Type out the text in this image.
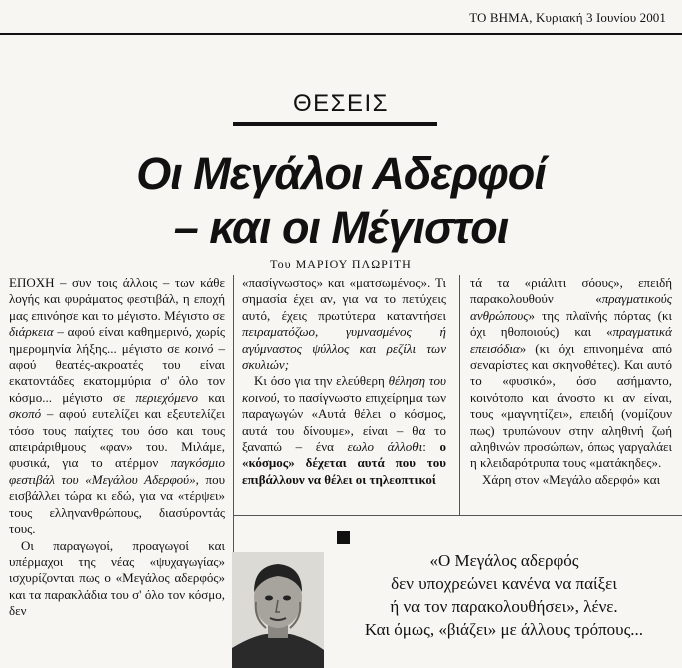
ΤΟ ΒΗΜΑ, Κυριακή 3 Ιουνίου 2001
ΘΕΣΕΙΣ
Οι Μεγάλοι Αδερφοί
– και οι Μέγιστοι
Του ΜΑΡΙΟΥ ΠΛΩΡΙΤΗ

ΕΠΟΧΗ – συν τοις άλλοις – των κάθε λογής και φυράματος φεστιβάλ, η εποχή μας επινόησε και το μέγιστο. Μέγιστο σε διάρκεια – αφού είναι καθημερινό, χωρίς ημερομηνία λήξης... μέγιστο σε κοινό – αφού θεατές-ακροατές του είναι εκατοντάδες εκατομμύρια σ' όλο τον κόσμο... μέγιστο σε περιεχόμενο και σκοπό – αφού ευτελίζει και εξευτελίζει τόσο τους παίχτες του όσο και τους απειράριθμους «φαν» του. Μιλάμε, φυσικά, για το ατέρμον παγκόσμιο φεστιβάλ του «Μεγάλου Αδερφού», που εισβάλλει τώρα κι εδώ, για να «τέρψει» τους ελληνανθρώπους, διασύροντάς τους.

Οι παραγωγοί, προαγωγοί και υπέρμαχοι της νέας «ψυχαγωγίας» ισχυρίζονται πως ο «Μεγάλος αδερφός» και τα παρακλάδια του σ' όλο τον κόσμο, δεν

«πασίγνωστος» και «ματσωμένος». Τι σημασία έχει αν, για να το πετύχεις αυτό, έχεις πρωτύτερα καταντήσει πειραματόζωο, γυμνασμένος ή αγύμναστος ψύλλος και ρεζίλι των σκυλιών;

Κι όσο για την ελεύθερη θέληση του κοινού, το πασίγνωστο επιχείρημα των παραγωγών «Αυτά θέλει ο κόσμος, αυτά του δίνουμε», είναι – θα το ξαναπώ – ένα εωλο άλλοθι: ο «κόσμος» δέχεται αυτά που του επιβάλλουν να θέλει οι τηλεοπτικοί

τά τα «ριάλιτι σόους», επειδή παρακολουθούν «πραγματικούς ανθρώπους» της πλαϊνής πόρτας (κι όχι ηθοποιούς) και «πραγματικά επεισόδια» (κι όχι επινοημένα από σεναρίστες και σκηνοθέτες). Και αυτό το «φυσικό», όσο ασήμαντο, κοινότοπο και άνοστο κι αν είναι, τους «μαγνητίζει», επειδή (νομίζουν πως) τρυπώνουν στην αληθινή ζωή αληθινών προσώπων, όπως γαργαλάει η κλειδαρότρυπα τους «ματάκηδες».

Χάρη στον «Μεγάλο αδερφό» και

«Ο Μεγάλος αδερφός

δεν υποχρεώνει κανένα να παίξει

ή να τον παρακολουθήσει», λένε.

Και όμως, «βιάζει» με άλλους τρόπους...
